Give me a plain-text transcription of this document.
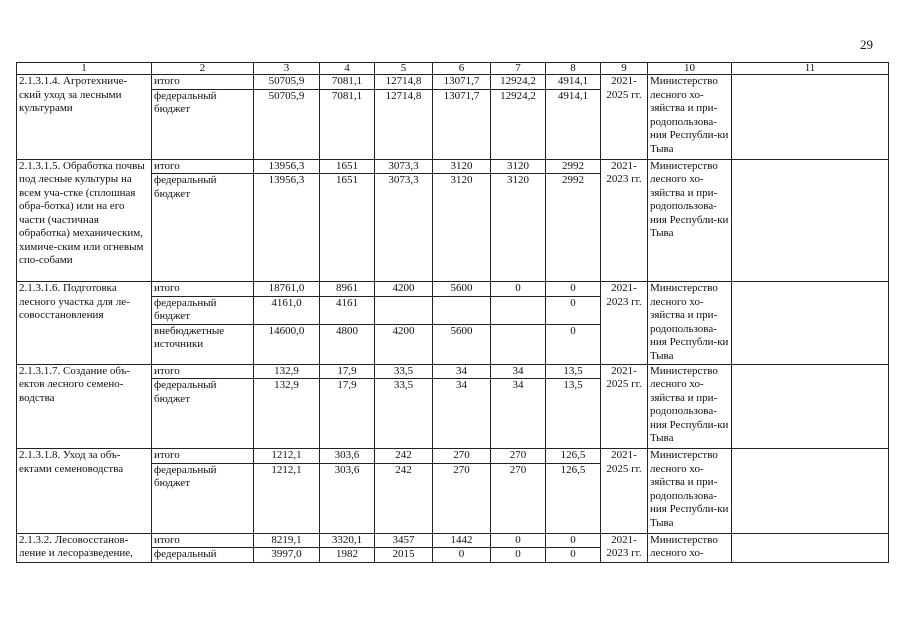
29
1	2	3	4	5	6	7	8	9	10	11
2.1.3.1.4. Агротехниче-ский уход за лесными культурами	итого	50705,9	7081,1	12714,8	13071,7	12924,2	4914,1	2021-2025 гг.	Министерство лесного хо-зяйства и при-родопользова-ния Республи-ки Тыва	
	федеральный бюджет	50705,9	7081,1	12714,8	13071,7	12924,2	4914,1			
2.1.3.1.5. Обработка почвы под лесные культуры на всем уча-стке (сплошная обра-ботка) или на его части (частичная обработка) механическим, химиче-ским или огневым спо-собами	итого	13956,3	1651	3073,3	3120	3120	2992	2021-2023 гг.	Министерство лесного хо-зяйства и при-родопользова-ния Республи-ки Тыва	
	федеральный бюджет	13956,3	1651	3073,3	3120	3120	2992			
2.1.3.1.6. Подготовка лесного участка для ле-совосстановления	итого	18761,0	8961	4200	5600	0	0	2021-2023 гг.	Министерство лесного хо-зяйства и при-родопользова-ния Республи-ки Тыва	
	федеральный бюджет	4161,0	4161				0			
	внебюджетные источники	14600,0	4800	4200	5600		0			
2.1.3.1.7. Создание объ-ектов лесного семено-водства	итого	132,9	17,9	33,5	34	34	13,5	2021-2025 гг.	Министерство лесного хо-зяйства и при-родопользова-ния Республи-ки Тыва	
	федеральный бюджет	132,9	17,9	33,5	34	34	13,5			
2.1.3.1.8. Уход за объ-ектами семеноводства	итого	1212,1	303,6	242	270	270	126,5	2021-2025 гг.	Министерство лесного хо-зяйства и при-родопользова-ния Республи-ки Тыва	
	федеральный бюджет	1212,1	303,6	242	270	270	126,5			
2.1.3.2. Лесовосстанов-ление и лесоразведение,	итого	8219,1	3320,1	3457	1442	0	0	2021-2023 гг.	Министерство лесного хо-	
	федеральный	3997,0	1982	2015	0	0	0			
